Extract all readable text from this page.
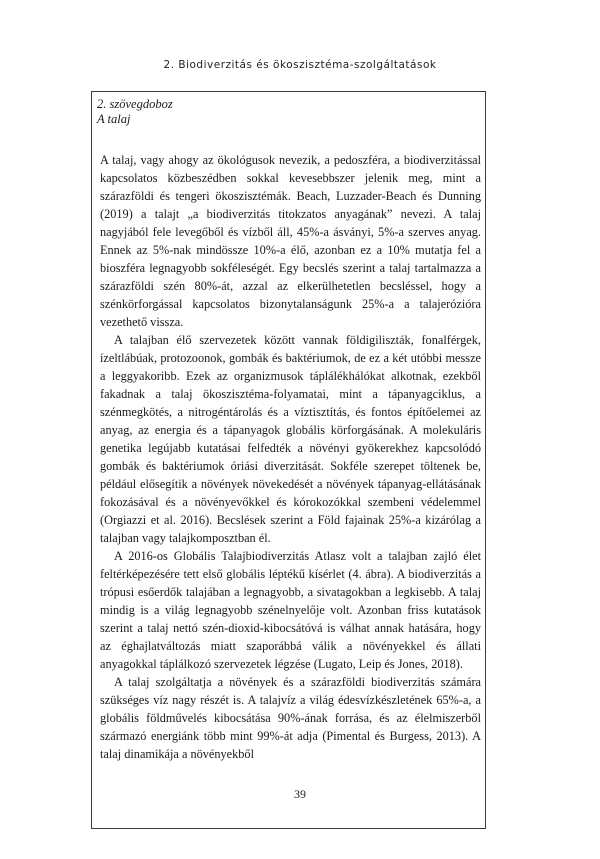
2. Biodiverzitás és ökoszisztéma-szolgáltatások

2. szövegdoboz

A talaj

A talaj, vagy ahogy az ökológusok nevezik, a pedoszféra, a biodiverzitással kapcsolatos közbeszédben sokkal kevesebbszer jelenik meg, mint a szárazföldi és tengeri ökoszisztémák. Beach, Luzzader-Beach és Dunning (2019) a talajt „a biodiverzitás titokzatos anyagának” nevezi. A talaj nagyjából fele levegőből és vízből áll, 45%-a ásványi, 5%-a szerves anyag. Ennek az 5%-nak mindössze 10%-a élő, azonban ez a 10% mutatja fel a bioszféra legnagyobb sokféleségét. Egy becslés szerint a talaj tartalmazza a szárazföldi szén 80%-át, azzal az elkerülhetetlen becsléssel, hogy a szénkörforgással kapcsolatos bizonytalanságunk 25%-a a talajerózióra vezethető vissza.

A talajban élő szervezetek között vannak földigiliszták, fonalférgek, ízeltlábúak, protozoonok, gombák és baktériumok, de ez a két utóbbi messze a leggyakoribb. Ezek az organizmusok táplálékhálókat alkotnak, ezekből fakadnak a talaj ökoszisztéma-folyamatai, mint a tápanyagciklus, a szénmegkötés, a nitrogéntárolás és a víztisztítás, és fontos építőelemei az anyag, az energia és a tápanyagok globális körforgásának. A molekuláris genetika legújabb kutatásai felfedték a növényi gyökerekhez kapcsolódó gombák és baktériumok óriási diverzitását. Sokféle szerepet töltenek be, például elősegítik a növények növekedését a növények tápanyag-ellátásának fokozásával és a növényevőkkel és kórokozókkal szembeni védelemmel (Orgiazzi et al. 2016). Becslések szerint a Föld fajainak 25%-a kizárólag a talajban vagy talajkomposztban él.

A 2016-os Globális Talajbiodiverzitás Atlasz volt a talajban zajló élet feltérképezésére tett első globális léptékű kísérlet (4. ábra). A biodiverzitás a trópusi esőerdők talajában a legnagyobb, a sivatagokban a legkisebb. A talaj mindig is a világ legnagyobb szénelnyelője volt. Azonban friss kutatások szerint a talaj nettó szén-dioxid-kibocsátóvá is válhat annak hatására, hogy az éghajlatváltozás miatt szaporábbá válik a növényekkel és állati anyagokkal táplálkozó szervezetek légzése (Lugato, Leip és Jones, 2018).

A talaj szolgáltatja a növények és a szárazföldi biodiverzitás számára szükséges víz nagy részét is. A talajvíz a világ édesvízkészletének 65%-a, a globális földművelés kibocsátása 90%-ának forrása, és az élelmiszerből származó energiánk több mint 99%-át adja (Pimental és Burgess, 2013). A talaj dinamikája a növényekből

39
